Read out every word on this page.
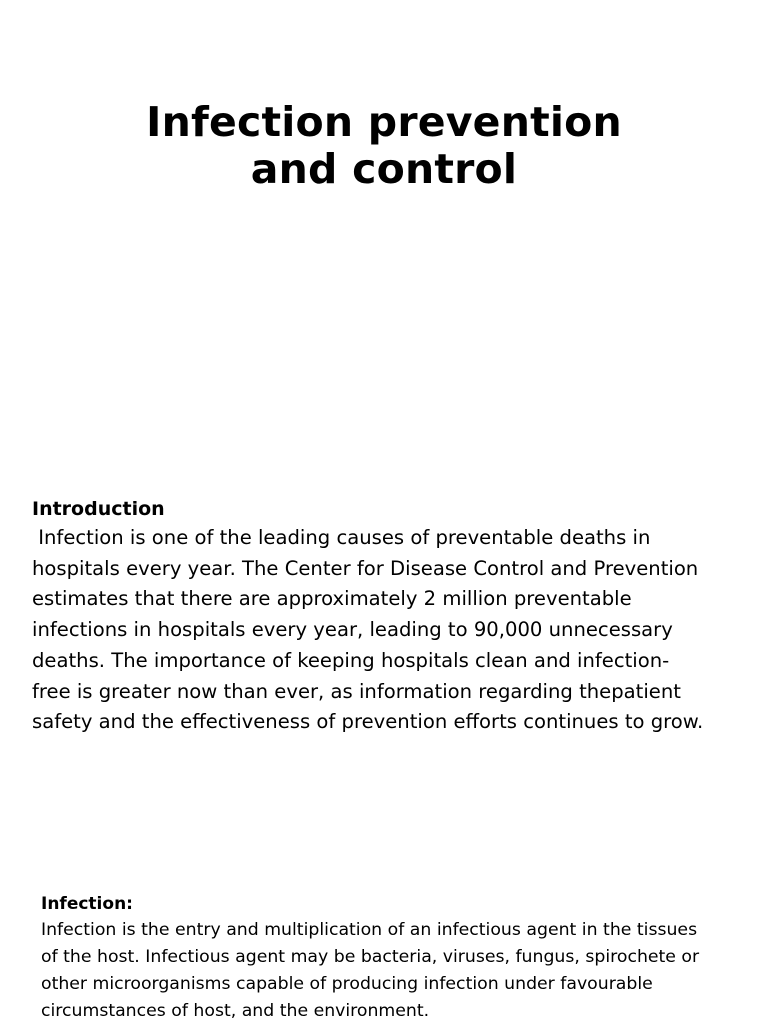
Infection prevention
and control
Introduction

Infection is one of the leading causes of preventable deaths in
hospitals every year. The Center for Disease Control and Prevention
estimates that there are approximately 2 million preventable
infections in hospitals every year, leading to 90,000 unnecessary
deaths. The importance of keeping hospitals clean and infection-
free is greater now than ever, as information regarding thepatient
safety and the effectiveness of prevention efforts continues to grow.

Infection:

Infection is the entry and multiplication of an infectious agent in the tissues
of the host. Infectious agent may be bacteria, viruses, fungus, spirochete or
other microorganisms capable of producing infection under favourable
circumstances of host, and the environment.
